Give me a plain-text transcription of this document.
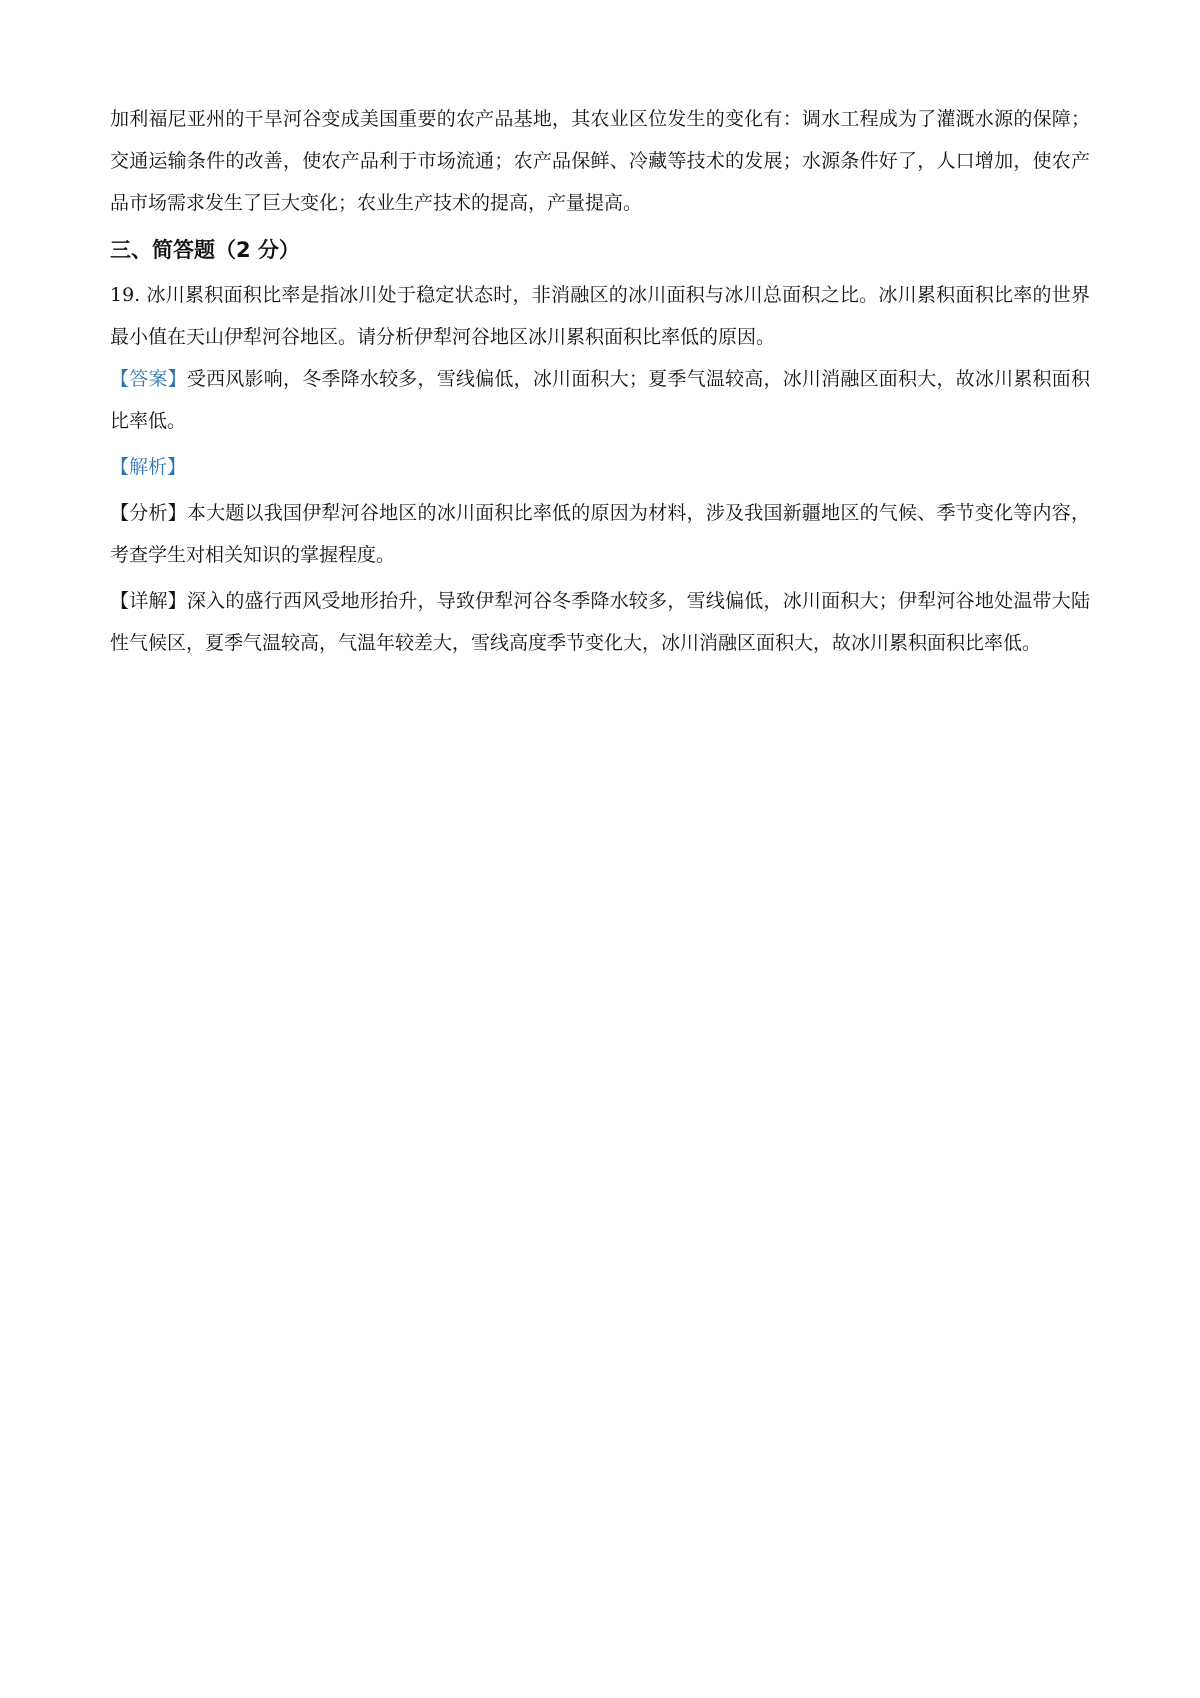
加利福尼亚州的干旱河谷变成美国重要的农产品基地，其农业区位发生的变化有：调水工程成为了灌溉水源的保障；交通运输条件的改善，使农产品利于市场流通；农产品保鲜、冷藏等技术的发展；水源条件好了，人口增加，使农产品市场需求发生了巨大变化；农业生产技术的提高，产量提高。

三、简答题（2 分）

19. 冰川累积面积比率是指冰川处于稳定状态时，非消融区的冰川面积与冰川总面积之比。冰川累积面积比率的世界最小值在天山伊犁河谷地区。请分析伊犁河谷地区冰川累积面积比率低的原因。

【答案】受西风影响，冬季降水较多，雪线偏低，冰川面积大；夏季气温较高，冰川消融区面积大，故冰川累积面积比率低。

【解析】

【分析】本大题以我国伊犁河谷地区的冰川面积比率低的原因为材料，涉及我国新疆地区的气候、季节变化等内容，考查学生对相关知识的掌握程度。

【详解】深入的盛行西风受地形抬升，导致伊犁河谷冬季降水较多，雪线偏低，冰川面积大；伊犁河谷地处温带大陆性气候区，夏季气温较高，气温年较差大，雪线高度季节变化大，冰川消融区面积大，故冰川累积面积比率低。
